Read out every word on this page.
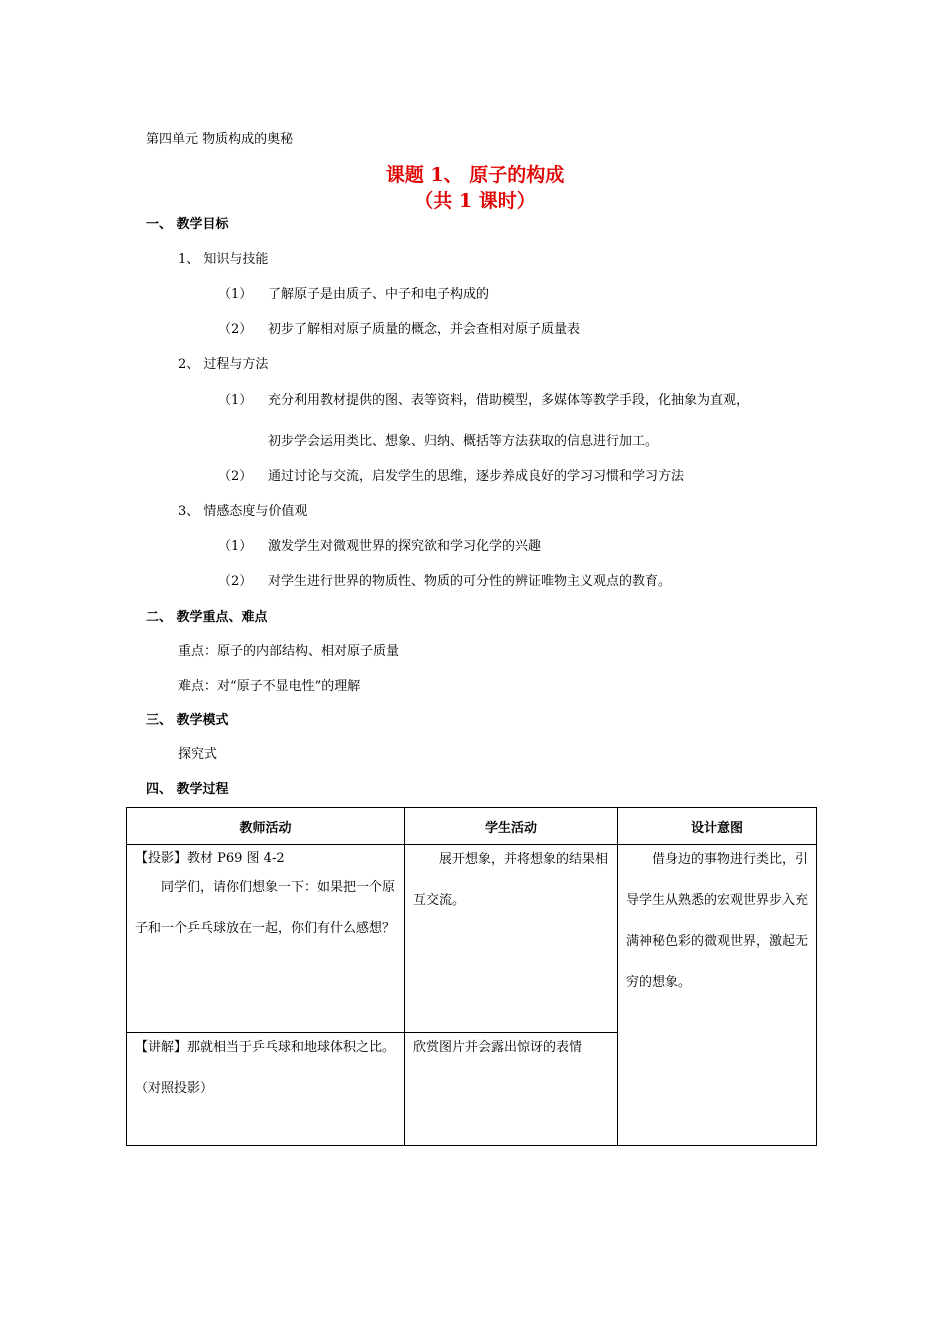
第四单元 物质构成的奥秘
课题 1、 原子的构成
（共 1 课时）
一、 教学目标
1、 知识与技能
（1） 了解原子是由质子、中子和电子构成的
（2） 初步了解相对原子质量的概念，并会查相对原子质量表
2、 过程与方法
（1） 充分利用教材提供的图、表等资料，借助模型，多媒体等教学手段，化抽象为直观，
初步学会运用类比、想象、归纳、概括等方法获取的信息进行加工。
（2） 通过讨论与交流，启发学生的思维，逐步养成良好的学习习惯和学习方法
3、 情感态度与价值观
（1） 激发学生对微观世界的探究欲和学习化学的兴趣
（2） 对学生进行世界的物质性、物质的可分性的辨证唯物主义观点的教育。
二、 教学重点、难点
重点：原子的内部结构、相对原子质量
难点：对“原子不显电性”的理解
三、 教学模式
探究式
四、 教学过程
教师活动	学生活动	设计意图

【投影】教材 P69 图 4-2

同学们，请你们想象一下：如果把一个原子和一个乒乓球放在一起，你们有什么感想？	展开想象，并将想象的结果相互交流。	借身边的事物进行类比，引导学生从熟悉的宏观世界步入充满神秘色彩的微观世界，激起无穷的想象。

【讲解】那就相当于乒乓球和地球体积之比。（对照投影）	欣赏图片并会露出惊讶的表情	
